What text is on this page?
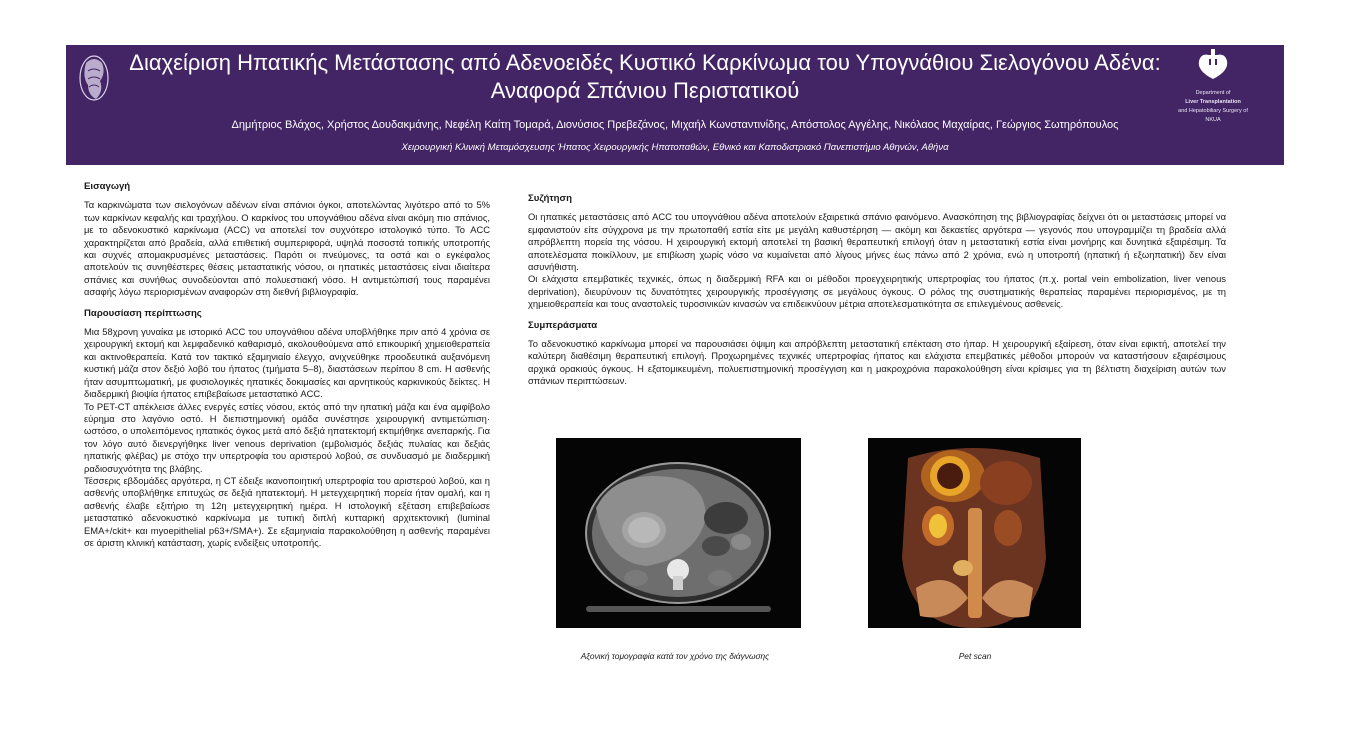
Διαχείριση Ηπατικής Μετάστασης από Αδενοειδές Κυστικό Καρκίνωμα του Υπογνάθιου Σιελογόνου Αδένα: Αναφορά Σπάνιου Περιστατικού	Department of
Liver Transplantation
and Hepatobiliary Surgery of
NKUA
Δημήτριος Βλάχος, Χρήστος Δουδακμάνης, Νεφέλη Καίτη Τομαρά, Διονύσιος Πρεβεζάνος, Μιχαήλ Κωνσταντινίδης, Απόστολος Αγγέλης, Νικόλαος Μαχαίρας, Γεώργιος Σωτηρόπουλος
Χειρουργική Κλινική Μεταμόσχευσης Ήπατος Χειρουργικής Ηπατοπαθών, Εθνικό και Καποδιστριακό Πανεπιστήμιο Αθηνών, Αθήνα
Εισαγωγή

Τα καρκινώματα των σιελογόνων αδένων είναι σπάνιοι όγκοι, αποτελώντας λιγότερο από το 5% των καρκίνων κεφαλής και τραχήλου. Ο καρκίνος του υπογνάθιου αδένα είναι ακόμη πιο σπάνιος, με το αδενοκυστικό καρκίνωμα (ACC) να αποτελεί τον συχνότερο ιστολογικό τύπο. Το ACC χαρακτηρίζεται από βραδεία, αλλά επιθετική συμπεριφορά, υψηλά ποσοστά τοπικής υποτροπής και συχνές απομακρυσμένες μεταστάσεις. Παρότι οι πνεύμονες, τα οστά και ο εγκέφαλος αποτελούν τις συνηθέστερες θέσεις μεταστατικής νόσου, οι ηπατικές μεταστάσεις είναι ιδιαίτερα σπάνιες και συνήθως συνοδεύονται από πολυεστιακή νόσο. Η αντιμετώπισή τους παραμένει ασαφής λόγω περιορισμένων αναφορών στη διεθνή βιβλιογραφία.

Παρουσίαση περίπτωσης

Μια 58χρονη γυναίκα με ιστορικό ACC του υπογνάθιου αδένα υποβλήθηκε πριν από 4 χρόνια σε χειρουργική εκτομή και λεμφαδενικό καθαρισμό, ακολουθούμενα από επικουρική χημειοθεραπεία και ακτινοθεραπεία. Κατά τον τακτικό εξαμηνιαίο έλεγχο, ανιχνεύθηκε προοδευτικά αυξανόμενη κυστική μάζα στον δεξιό λοβό του ήπατος (τμήματα 5–8), διαστάσεων περίπου 8 cm. Η ασθενής ήταν ασυμπτωματική, με φυσιολογικές ηπατικές δοκιμασίες και αρνητικούς καρκινικούς δείκτες. Η διαδερμική βιοψία ήπατος επιβεβαίωσε μεταστατικό ACC.

Το PET-CT απέκλεισε άλλες ενεργές εστίες νόσου, εκτός από την ηπατική μάζα και ένα αμφίβολο εύρημα στο λαγόνιο οστό. Η διεπιστημονική ομάδα συνέστησε χειρουργική αντιμετώπιση· ωστόσο, ο υπολειπόμενος ηπατικός όγκος μετά από δεξιά ηπατεκτομή εκτιμήθηκε ανεπαρκής. Για τον λόγο αυτό διενεργήθηκε liver venous deprivation (εμβολισμός δεξιάς πυλαίας και δεξιάς ηπατικής φλέβας) με στόχο την υπερτροφία του αριστερού λοβού, σε συνδυασμό με διαδερμική ραδιοσυχνότητα της βλάβης.

Τέσσερις εβδομάδες αργότερα, η CT έδειξε ικανοποιητική υπερτροφία του αριστερού λοβού, και η ασθενής υποβλήθηκε επιτυχώς σε δεξιά ηπατεκτομή. Η μετεγχειρητική πορεία ήταν ομαλή, και η ασθενής έλαβε εξιτήριο τη 12η μετεγχειρητική ημέρα. Η ιστολογική εξέταση επιβεβαίωσε μεταστατικό αδενοκυστικό καρκίνωμα με τυπική διπλή κυτταρική αρχιτεκτονική (luminal EMA+/ckit+ και myoepithelial p63+/SMA+). Σε εξαμηνιαία παρακολούθηση η ασθενής παραμένει σε άριστη κλινική κατάσταση, χωρίς ενδείξεις υποτροπής.

Συζήτηση

Οι ηπατικές μεταστάσεις από ACC του υπογνάθιου αδένα αποτελούν εξαιρετικά σπάνιο φαινόμενο. Ανασκόπηση της βιβλιογραφίας δείχνει ότι οι μεταστάσεις μπορεί να εμφανιστούν είτε σύγχρονα με την πρωτοπαθή εστία είτε με μεγάλη καθυστέρηση — ακόμη και δεκαετίες αργότερα — γεγονός που υπογραμμίζει τη βραδεία αλλά απρόβλεπτη πορεία της νόσου. Η χειρουργική εκτομή αποτελεί τη βασική θεραπευτική επιλογή όταν η μεταστατική εστία είναι μονήρης και δυνητικά εξαιρέσιμη. Τα αποτελέσματα ποικίλλουν, με επιβίωση χωρίς νόσο να κυμαίνεται από λίγους μήνες έως πάνω από 2 χρόνια, ενώ η υποτροπή (ηπατική ή εξωηπατική) δεν είναι ασυνήθιστη.

Οι ελάχιστα επεμβατικές τεχνικές, όπως η διαδερμική RFA και οι μέθοδοι προεγχειρητικής υπερτροφίας του ήπατος (π.χ. portal vein embolization, liver venous deprivation), διευρύνουν τις δυνατότητες χειρουργικής προσέγγισης σε μεγάλους όγκους. Ο ρόλος της συστηματικής θεραπείας παραμένει περιορισμένος, με τη χημειοθεραπεία και τους αναστολείς τυροσινικών κινασών να επιδεικνύουν μέτρια αποτελεσματικότητα σε επιλεγμένους ασθενείς.

Συμπεράσματα

Το αδενοκυστικό καρκίνωμα μπορεί να παρουσιάσει όψιμη και απρόβλεπτη μεταστατική επέκταση στο ήπαρ. Η χειρουργική εξαίρεση, όταν είναι εφικτή, αποτελεί την καλύτερη διαθέσιμη θεραπευτική επιλογή. Προχωρημένες τεχνικές υπερτροφίας ήπατος και ελάχιστα επεμβατικές μέθοδοι μπορούν να καταστήσουν εξαιρέσιμους αρχικά ορακιούς όγκους. Η εξατομικευμένη, πολυεπιστημονική προσέγγιση και η μακροχρόνια παρακολούθηση είναι κρίσιμες για τη βέλτιστη διαχείριση αυτών των σπάνιων περιπτώσεων.

Αξονική τομογραφία κατά τον χρόνο της διάγνωσης	Pet scan
